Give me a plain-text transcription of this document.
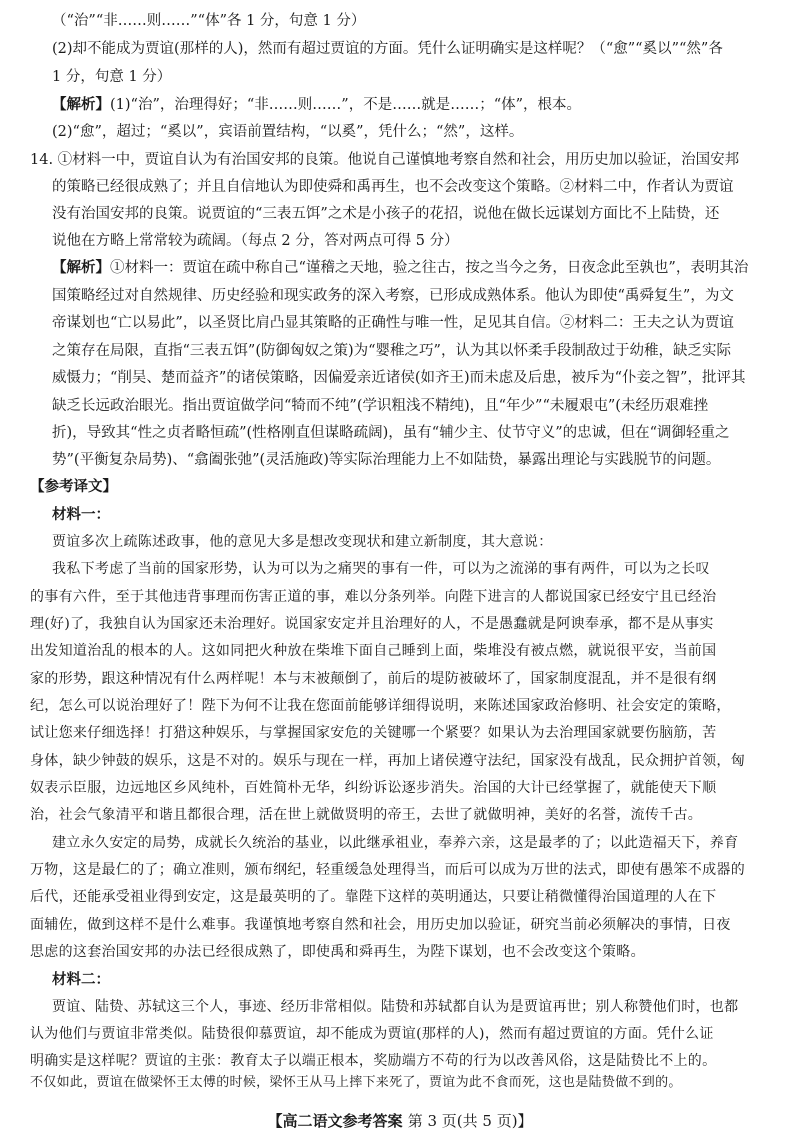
（“治”“非……则……”“体”各 1 分，句意 1 分）
(2)却不能成为贾谊(那样的人)，然而有超过贾谊的方面。凭什么证明确实是这样呢？（“愈”“奚以”“然”各
1 分，句意 1 分）
【解析】(1)“治”，治理得好；“非……则……”，不是……就是……；“体”，根本。
(2)“愈”，超过；“奚以”，宾语前置结构，“以奚”，凭什么；“然”，这样。
14. ①材料一中，贾谊自认为有治国安邦的良策。他说自己谨慎地考察自然和社会，用历史加以验证，治国安邦
的策略已经很成熟了；并且自信地认为即使舜和禹再生，也不会改变这个策略。②材料二中，作者认为贾谊
没有治国安邦的良策。说贾谊的“三表五饵”之术是小孩子的花招，说他在做长远谋划方面比不上陆贽，还
说他在方略上常常较为疏阔。（每点 2 分，答对两点可得 5 分）
【解析】①材料一：贾谊在疏中称自己“谨稽之天地，验之往古，按之当今之务，日夜念此至孰也”，表明其治
国策略经过对自然规律、历史经验和现实政务的深入考察，已形成成熟体系。他认为即使“禹舜复生”，为文
帝谋划也“亡以易此”，以圣贤比肩凸显其策略的正确性与唯一性，足见其自信。②材料二：王夫之认为贾谊
之策存在局限，直指“三表五饵”(防御匈奴之策)为“婴稚之巧”，认为其以怀柔手段制敌过于幼稚，缺乏实际
威慑力；“削吴、楚而益齐”的诸侯策略，因偏爱亲近诸侯(如齐王)而未虑及后患，被斥为“仆妾之智”，批评其
缺乏长远政治眼光。指出贾谊做学问“犄而不纯”(学识粗浅不精纯)，且“年少”“未履艰屯”(未经历艰难挫
折)，导致其“性之贞者略恒疏”(性格刚直但谋略疏阔)，虽有“辅少主、仗节守义”的忠诚，但在“调御轻重之
势”(平衡复杂局势)、“翕阖张弛”(灵活施政)等实际治理能力上不如陆贽，暴露出理论与实践脱节的问题。
【参考译文】
材料一：
贾谊多次上疏陈述政事，他的意见大多是想改变现状和建立新制度，其大意说：
我私下考虑了当前的国家形势，认为可以为之痛哭的事有一件，可以为之流涕的事有两件，可以为之长叹
的事有六件，至于其他违背事理而伤害正道的事，难以分条列举。向陛下进言的人都说国家已经安宁且已经治
理(好)了，我独自认为国家还未治理好。说国家安定并且治理好的人，不是愚蠢就是阿谀奉承，都不是从事实
出发知道治乱的根本的人。这如同把火种放在柴堆下面自己睡到上面，柴堆没有被点燃，就说很平安，当前国
家的形势，跟这种情况有什么两样呢！本与末被颠倒了，前后的堤防被破坏了，国家制度混乱，并不是很有纲
纪，怎么可以说治理好了！陛下为何不让我在您面前能够详细得说明，来陈述国家政治修明、社会安定的策略，
试让您来仔细选择！打猎这种娱乐，与掌握国家安危的关键哪一个紧要？如果认为去治理国家就要伤脑筋，苦
身体，缺少钟鼓的娱乐，这是不对的。娱乐与现在一样，再加上诸侯遵守法纪，国家没有战乱，民众拥护首领，匈
奴表示臣服，边远地区乡风纯朴，百姓简朴无华，纠纷诉讼逐步消失。治国的大计已经掌握了，就能使天下顺
治，社会气象清平和谐且都很合理，活在世上就做贤明的帝王，去世了就做明神，美好的名誉，流传千古。
建立永久安定的局势，成就长久统治的基业，以此继承祖业，奉养六亲，这是最孝的了；以此造福天下，养育
万物，这是最仁的了；确立准则，颁布纲纪，轻重缓急处理得当，而后可以成为万世的法式，即使有愚笨不成器的
后代，还能承受祖业得到安定，这是最英明的了。靠陛下这样的英明通达，只要让稍微懂得治国道理的人在下
面辅佐，做到这样不是什么难事。我谨慎地考察自然和社会，用历史加以验证，研究当前必须解决的事情，日夜
思虑的这套治国安邦的办法已经很成熟了，即使禹和舜再生，为陛下谋划，也不会改变这个策略。
材料二：
贾谊、陆贽、苏轼这三个人，事迹、经历非常相似。陆贽和苏轼都自认为是贾谊再世；别人称赞他们时，也都
认为他们与贾谊非常类似。陆贽很仰慕贾谊，却不能成为贾谊(那样的人)，然而有超过贾谊的方面。凭什么证
明确实是这样呢？贾谊的主张：教育太子以端正根本，奖励端方不苟的行为以改善风俗，这是陆贽比不上的。
不仅如此，贾谊在做梁怀王太傅的时候，梁怀王从马上摔下来死了，贾谊为此不食而死，这也是陆贽做不到的。
【高二语文参考答案 第 3 页(共 5 页)】
